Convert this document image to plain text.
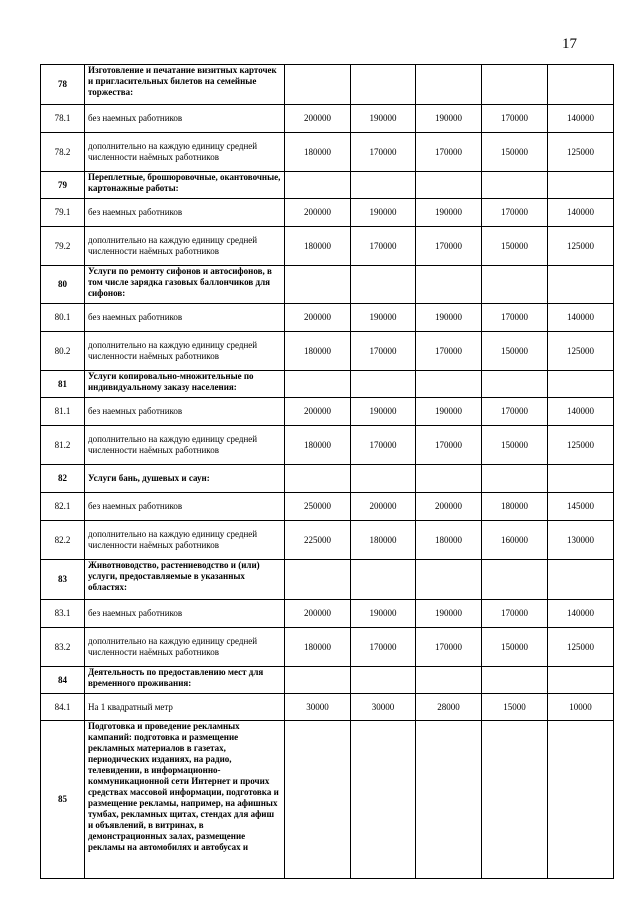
17
78	Изготовление и печатание визитных карточек и пригласительных билетов на семейные торжества:					
78.1	без наемных работников	200000	190000	190000	170000	140000
78.2	дополнительно на каждую единицу средней численности наёмных работников	180000	170000	170000	150000	125000
79	Переплетные, брошюровочные, окантовочные, картонажные работы:					
79.1	без наемных работников	200000	190000	190000	170000	140000
79.2	дополнительно на каждую единицу средней численности наёмных работников	180000	170000	170000	150000	125000
80	Услуги по ремонту сифонов и автосифонов, в том числе зарядка газовых баллончиков для сифонов:					
80.1	без наемных работников	200000	190000	190000	170000	140000
80.2	дополнительно на каждую единицу средней численности наёмных работников	180000	170000	170000	150000	125000
81	Услуги копировально-множительные по индивидуальному заказу населения:					
81.1	без наемных работников	200000	190000	190000	170000	140000
81.2	дополнительно на каждую единицу средней численности наёмных работников	180000	170000	170000	150000	125000
82	Услуги бань, душевых и саун:					
82.1	без наемных работников	250000	200000	200000	180000	145000
82.2	дополнительно на каждую единицу средней численности наёмных работников	225000	180000	180000	160000	130000
83	Животноводство, растениеводство и (или) услуги, предоставляемые в указанных областях:					
83.1	без наемных работников	200000	190000	190000	170000	140000
83.2	дополнительно на каждую единицу средней численности наёмных работников	180000	170000	170000	150000	125000
84	Деятельность по предоставлению мест для временного проживания:					
84.1	На 1 квадратный метр	30000	30000	28000	15000	10000
85	Подготовка и проведение рекламных кампаний: подготовка и размещение рекламных материалов в газетах, периодических изданиях, на радио, телевидении, в информационно-коммуникационной сети Интернет и прочих средствах массовой информации, подготовка и размещение рекламы, например, на афишных тумбах, рекламных щитах, стендах для афиш и объявлений, в витринах, в демонстрационных залах, размещение рекламы на автомобилях и автобусах и					
